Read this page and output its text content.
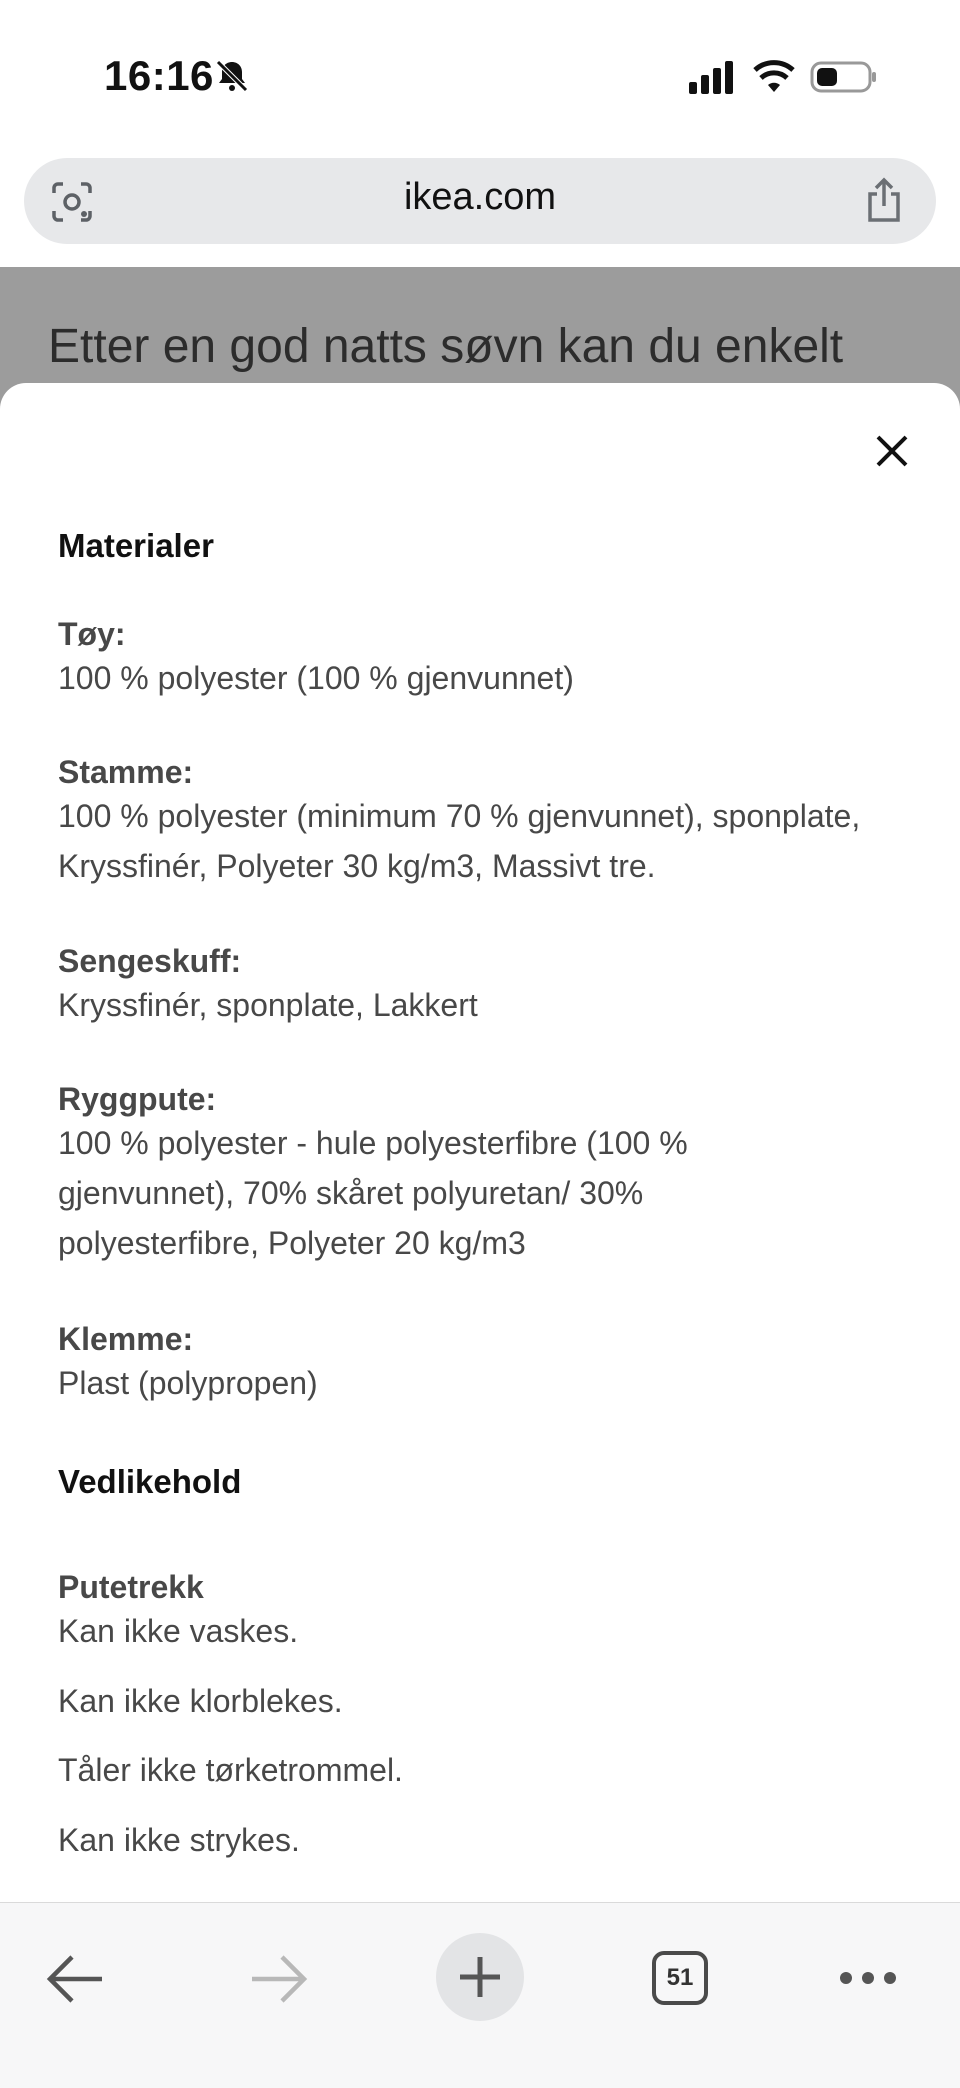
16:16
ikea.com
Etter en god natts søvn kan du enkelt
Materialer
Tøy:
100 % polyester (100 % gjenvunnet)
Stamme:
100 % polyester (minimum 70 % gjenvunnet), sponplate, Kryssfinér, Polyeter 30 kg/m3, Massivt tre.
Sengeskuff:
Kryssfinér, sponplate, Lakkert
Ryggpute:
100 % polyester - hule polyesterfibre (100 % gjenvunnet), 70% skåret polyuretan/ 30% polyesterfibre, Polyeter 20 kg/m3
Klemme:
Plast (polypropen)
Vedlikehold
Putetrekk
Kan ikke vaskes.
Kan ikke klorblekes.
Tåler ikke tørketrommel.
Kan ikke strykes.
51
